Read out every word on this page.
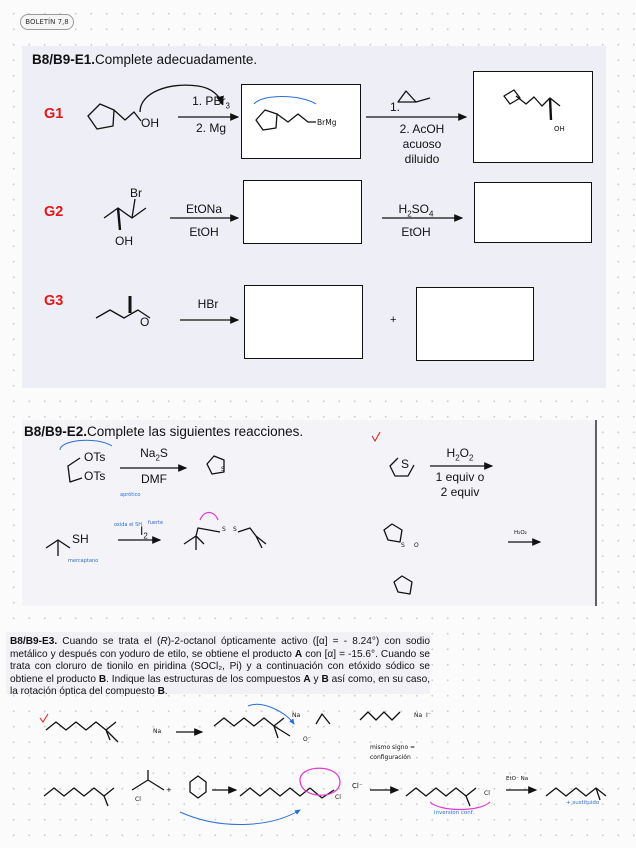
BOLETÍN 7,8
B8/B9-E1.Complete adecuadamente.
G1
OH
1. PBr$_3$
2. Mg	BrMg
1.
2. AcOH
acuoso
diluido
OH
G2
Br
OH
EtONa
EtOH
$H_2SO_4$
EtOH
G3
O
HBr
+
B8/B9-E2.Complete las siguientes reacciones.
OTs
OTs
$Na_2S$
DMF
S	S
$H_2O_2$
1 equiv o
2 equiv
SH
$I_2$
S S
S O
B8/B9-E3. Cuando se trata el (R)-2-octanol ópticamente activo ([α] = - 8.24°) con sodio metálico y después con yoduro de etilo, se obtiene el producto A con [α] = -15.6°. Cuando se trata con cloruro de tionilo en piridina (SOCl₂, Pi) y a continuación con etóxido sódico se obtiene el producto B. Indique las estructuras de los compuestos A y B así como, en su caso, la rotación óptica del compuesto B.
Na
Na
O⁻
Na
mismo signo =
configuración
Cl	Cl
Cl⁻
Cl
EtO⁻ Na
inversión conf.
+ sustituido
mercaptano
aprótico
oxida el SH	fuerte
H₂O₂
I⁻
+
